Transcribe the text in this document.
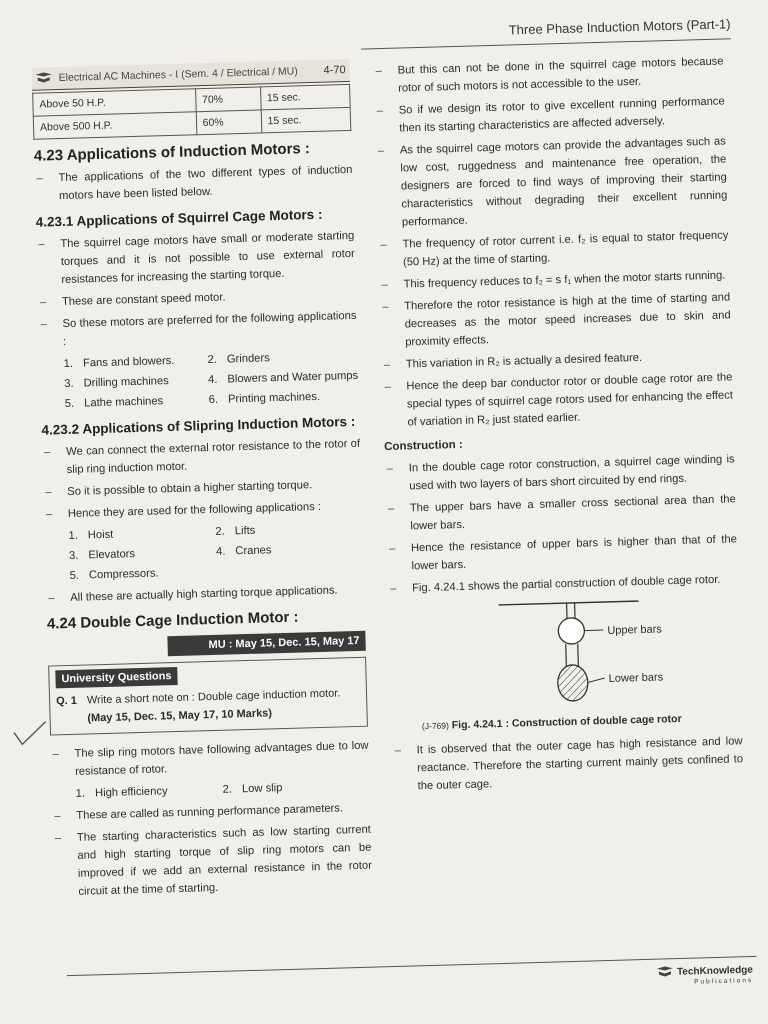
Three Phase Induction Motors (Part-1)
Electrical AC Machines - I (Sem. 4 / Electrical / MU) 4-70
Above 50 H.P.	70%	15 sec.
Above 500 H.P.	60%	15 sec.
4.23 Applications of Induction Motors :
– The applications of the two different types of induction motors have been listed below.
4.23.1 Applications of Squirrel Cage Motors :
– The squirrel cage motors have small or moderate starting torques and it is not possible to use external rotor resistances for increasing the starting torque.
– These are constant speed motor.
– So these motors are preferred for the following applications :
1. Fans and blowers.	2. Grinders
3. Drilling machines	4. Blowers and Water pumps
5. Lathe machines	6. Printing machines.
4.23.2 Applications of Slipring Induction Motors :
– We can connect the external rotor resistance to the rotor of slip ring induction motor.
– So it is possible to obtain a higher starting torque.
– Hence they are used for the following applications :
1. Hoist	2. Lifts
3. Elevators	4. Cranes
5. Compressors.
– All these are actually high starting torque applications.
4.24 Double Cage Induction Motor :
MU : May 15, Dec. 15, May 17
University Questions
Q. 1 Write a short note on : Double cage induction motor. (May 15, Dec. 15, May 17, 10 Marks)
– The slip ring motors have following advantages due to low resistance of rotor.
1. High efficiency	2. Low slip
– These are called as running performance parameters.
– The starting characteristics such as low starting current and high starting torque of slip ring motors can be improved if we add an external resistance in the rotor circuit at the time of starting.
– But this can not be done in the squirrel cage motors because rotor of such motors is not accessible to the user.
– So if we design its rotor to give excellent running performance then its starting characteristics are affected adversely.
– As the squirrel cage motors can provide the advantages such as low cost, ruggedness and maintenance free operation, the designers are forced to find ways of improving their starting characteristics without degrading their excellent running performance.
– The frequency of rotor current i.e. f₂ is equal to stator frequency (50 Hz) at the time of starting.
– This frequency reduces to f₂ = s f₁ when the motor starts running.
– Therefore the rotor resistance is high at the time of starting and decreases as the motor speed increases due to skin and proximity effects.
– This variation in R₂ is actually a desired feature.
– Hence the deep bar conductor rotor or double cage rotor are the special types of squirrel cage rotors used for enhancing the effect of variation in R₂ just stated earlier.
Construction :
– In the double cage rotor construction, a squirrel cage winding is used with two layers of bars short circuited by end rings.
– The upper bars have a smaller cross sectional area than the lower bars.
– Hence the resistance of upper bars is higher than that of the lower bars.
– Fig. 4.24.1 shows the partial construction of double cage rotor.
Upper bars
Lower bars
(J-769) Fig. 4.24.1 : Construction of double cage rotor
– It is observed that the outer cage has high resistance and low reactance. Therefore the starting current mainly gets confined to the outer cage.
TechKnowledge
Publications
